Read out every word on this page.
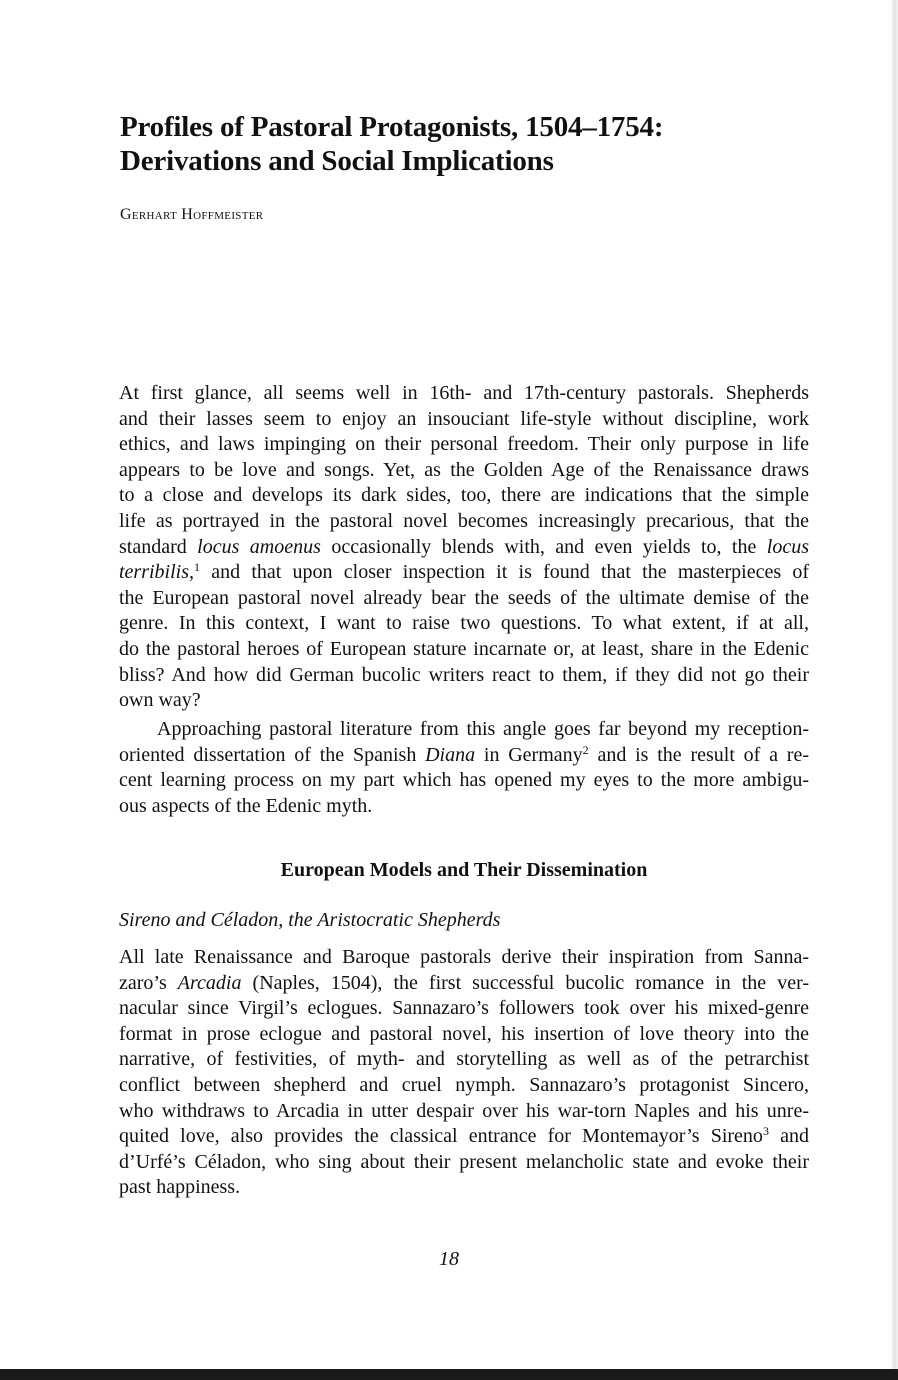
Profiles of Pastoral Protagonists, 1504–1754:
Derivations and Social Implications

Gerhart Hoffmeister

At first glance, all seems well in 16th- and 17th-century pastorals. Shepherds
and their lasses seem to enjoy an insouciant life-style without discipline, work
ethics, and laws impinging on their personal freedom. Their only purpose in life
appears to be love and songs. Yet, as the Golden Age of the Renaissance draws
to a close and develops its dark sides, too, there are indications that the simple
life as portrayed in the pastoral novel becomes increasingly precarious, that the
standard locus amoenus occasionally blends with, and even yields to, the locus
terribilis,$^1$ and that upon closer inspection it is found that the masterpieces of
the European pastoral novel already bear the seeds of the ultimate demise of the
genre. In this context, I want to raise two questions. To what extent, if at all,
do the pastoral heroes of European stature incarnate or, at least, share in the Edenic
bliss? And how did German bucolic writers react to them, if they did not go their
own way?
Approaching pastoral literature from this angle goes far beyond my reception-
oriented dissertation of the Spanish Diana in Germany$^2$ and is the result of a re-
cent learning process on my part which has opened my eyes to the more ambigu-
ous aspects of the Edenic myth.
European Models and Their Dissemination
Sireno and Céladon, the Aristocratic Shepherds
All late Renaissance and Baroque pastorals derive their inspiration from Sanna-
zaro’s Arcadia (Naples, 1504), the first successful bucolic romance in the ver-
nacular since Virgil’s eclogues. Sannazaro’s followers took over his mixed-genre
format in prose eclogue and pastoral novel, his insertion of love theory into the
narrative, of festivities, of myth- and storytelling as well as of the petrarchist
conflict between shepherd and cruel nymph. Sannazaro’s protagonist Sincero,
who withdraws to Arcadia in utter despair over his war-torn Naples and his unre-
quited love, also provides the classical entrance for Montemayor’s Sireno$^3$ and
d’Urfé’s Céladon, who sing about their present melancholic state and evoke their
past happiness.

18
